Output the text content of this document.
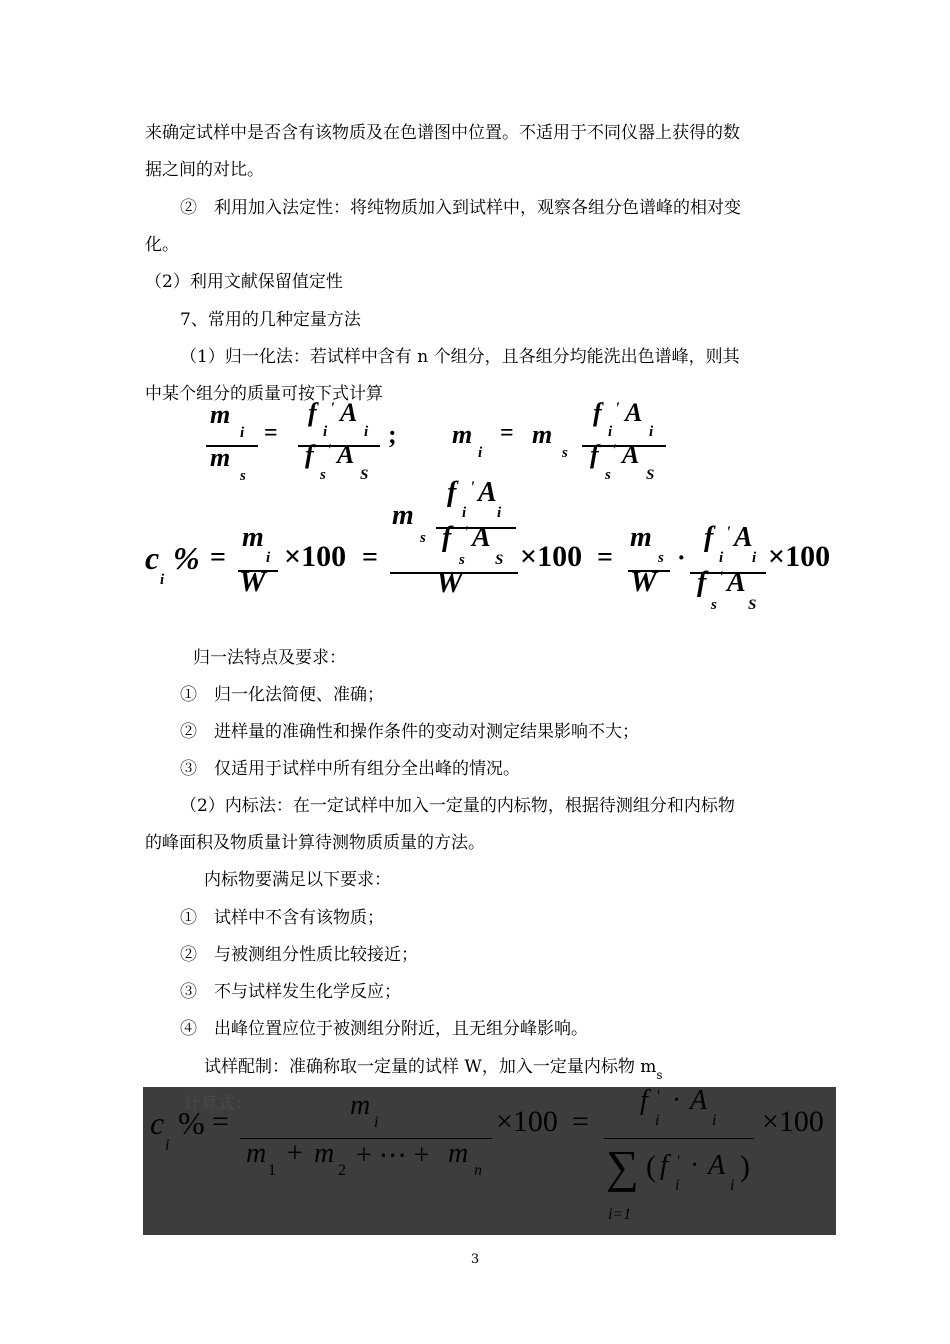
来确定试样中是否含有该物质及在色谱图中位置。不适用于不同仪器上获得的数
据之间的对比。
②　利用加入法定性：将纯物质加入到试样中，观察各组分色谱峰的相对变
化。
（2）利用文献保留值定性
7、常用的几种定量方法
（1）归一化法：若试样中含有 n 个组分，且各组分均能洗出色谱峰，则其
中某个组分的质量可按下式计算
m
i
m
s
=
f ' A
i i
f ' A
s S
; m
i
= m
s
f ' A
i i
f ' A
s S
c
i
% =
m
i
W
×100 =
m
s
f ' A
i i
f ' A
s S
W
×100 =
m
s
W
·
f ' A
i i
f ' A
s S
×100
归一法特点及要求：
①　归一化法简便、准确；
②　进样量的准确性和操作条件的变动对测定结果影响不大；
③　仅适用于试样中所有组分全出峰的情况。
（2）内标法：在一定试样中加入一定量的内标物，根据待测组分和内标物
的峰面积及物质量计算待测物质质量的方法。
内标物要满足以下要求：
①　试样中不含有该物质；
②　与被测组分性质比较接近；
③　不与试样发生化学反应；
④　出峰位置应位于被测组分附近，且无组分峰影响。
试样配制：准确称取一定量的试样 W，加入一定量内标物 $m_s$
计算式：
c
i
% =	m
i
m
1
+ m
2 + ⋯ + m
n
×100 =
f '
i
· A
i
∑ ( f '
i
· A
i
)
i=1
×100
3
